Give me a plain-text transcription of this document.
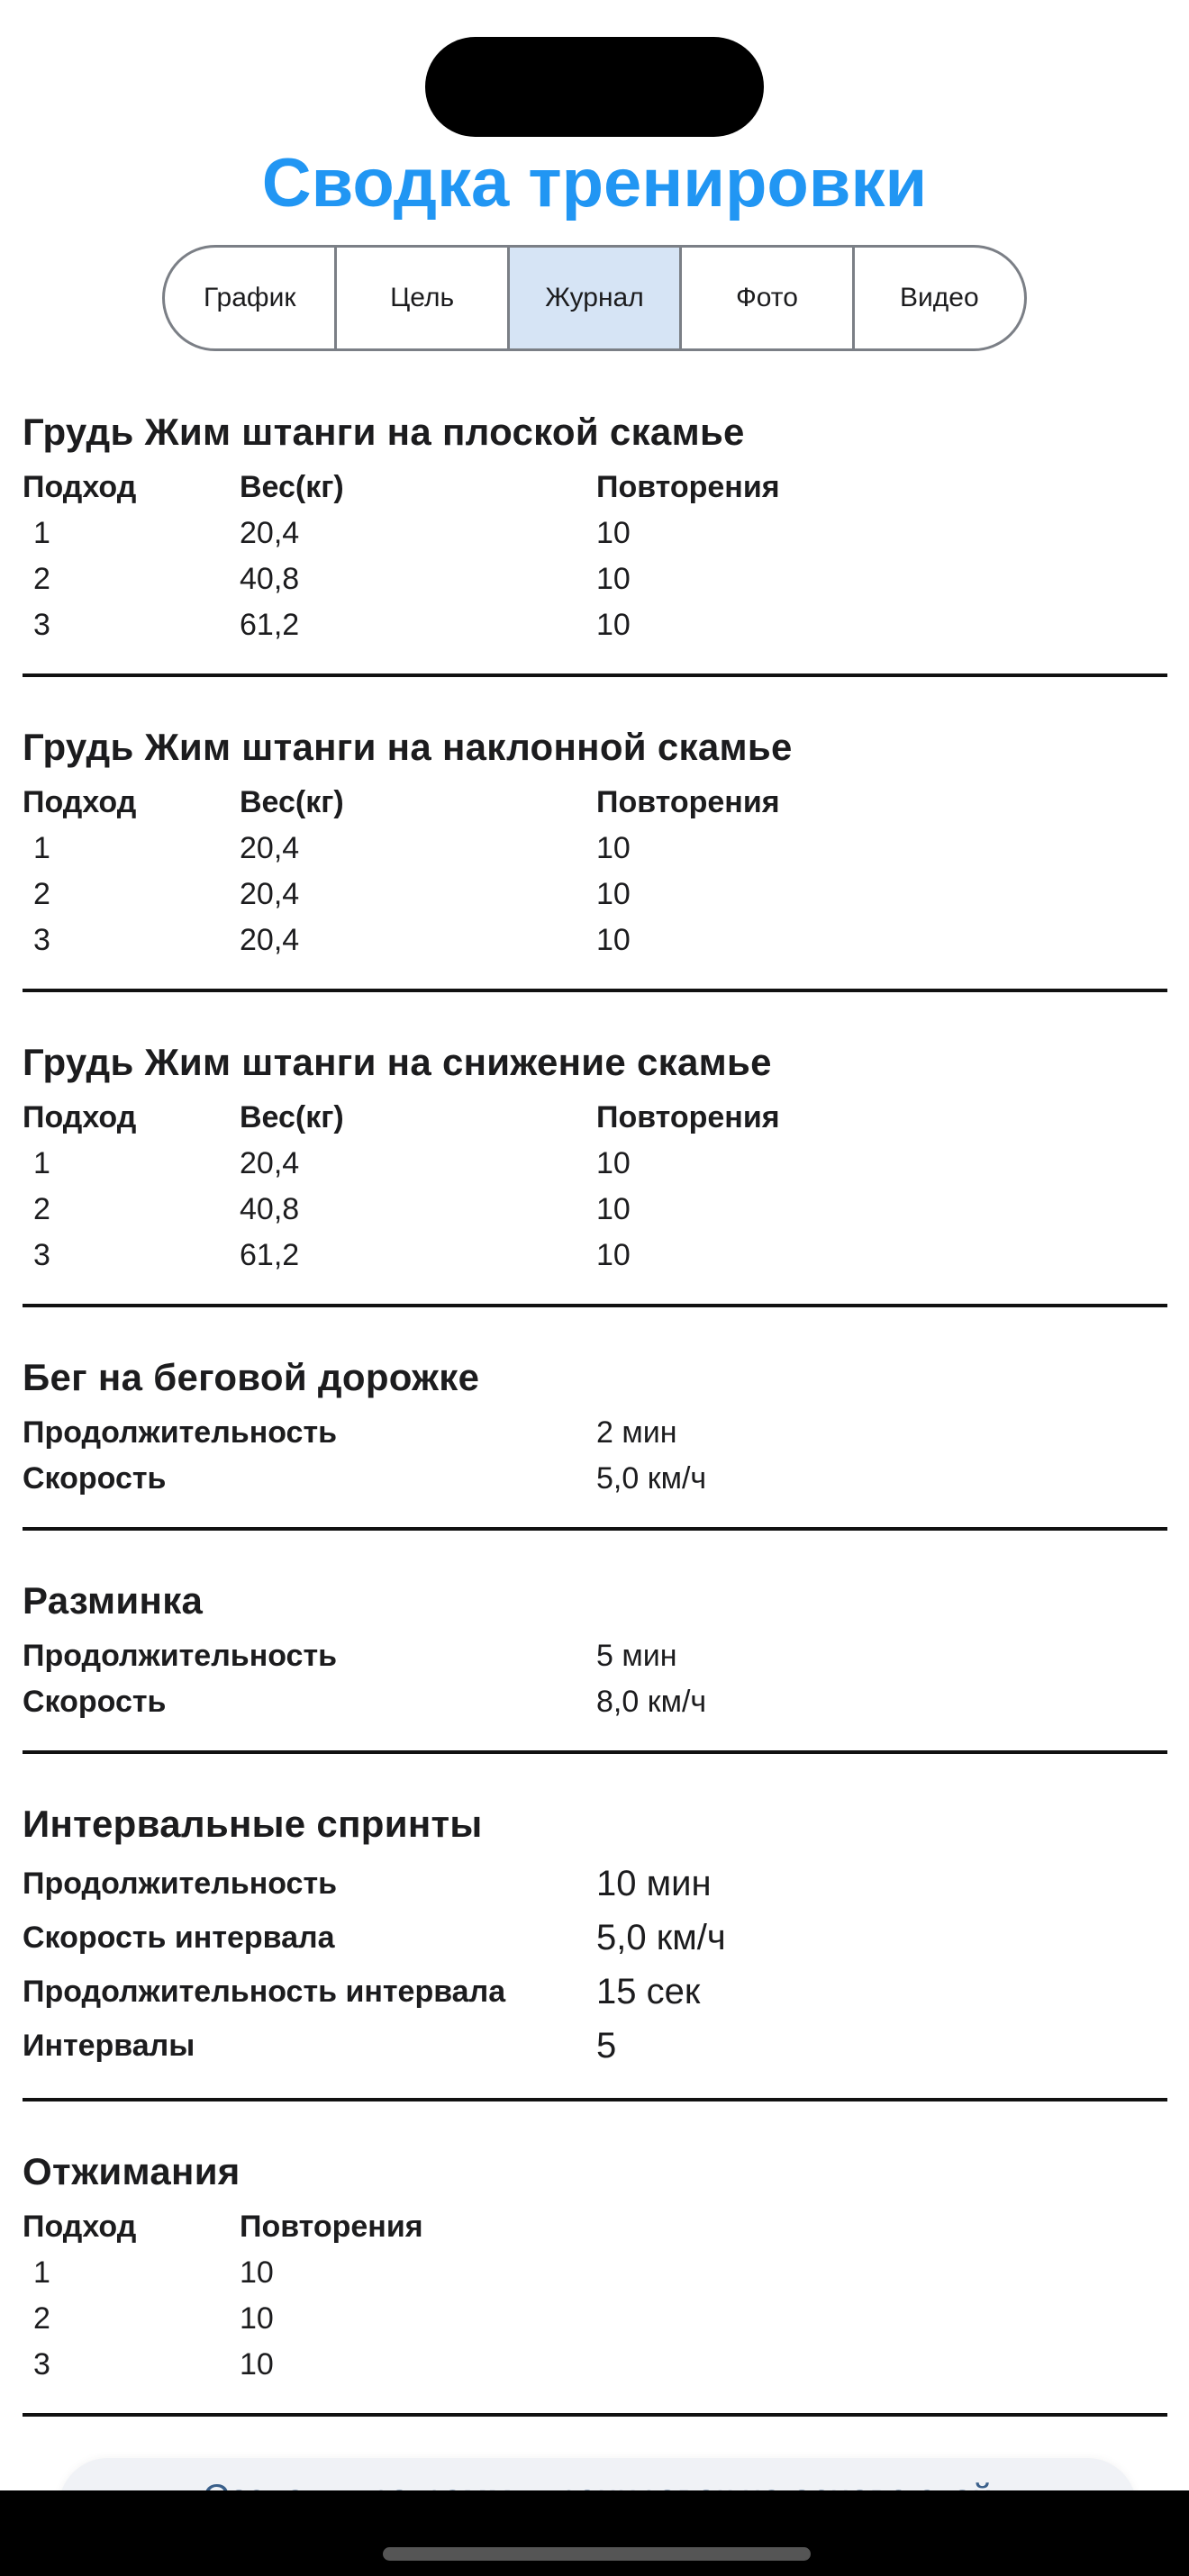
Сводка тренировки
График	Цель	Журнал	Фото	Видео
Грудь Жим штанги на плоской скамье
Подход	Вес(кг)	Повторения
1	20,4	10
2	40,8	10
3	61,2	10
Грудь Жим штанги на наклонной скамье
Подход	Вес(кг)	Повторения
1	20,4	10
2	20,4	10
3	20,4	10
Грудь Жим штанги на снижение скамье
Подход	Вес(кг)	Повторения
1	20,4	10
2	40,8	10
3	61,2	10
Бег на беговой дорожке
Продолжительность	2 мин
Скорость	5,0 км/ч
Разминка
Продолжительность	5 мин
Скорость	8,0 км/ч
Интервальные спринты
Продолжительность	10 мин
Скорость интервала	5,0 км/ч
Продолжительность интервала	15 сек
Интервалы	5
Отжимания
Подход	Повторения
1	10
2	10
3	10
